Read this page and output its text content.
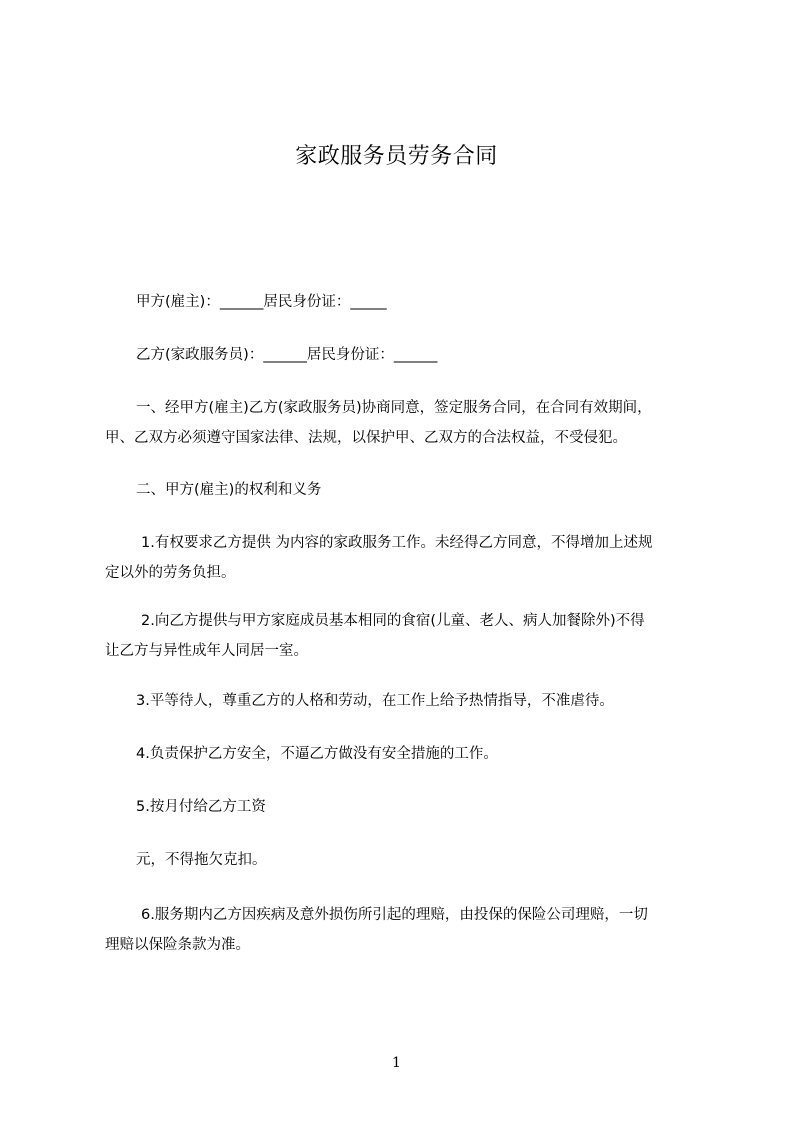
家政服务员劳务合同
甲方(雇主)：______居民身份证：_____
乙方(家政服务员)：______居民身份证：______
一、经甲方(雇主)乙方(家政服务员)协商同意，签定服务合同，在合同有效期间，
甲、乙双方必须遵守国家法律、法规，以保护甲、乙双方的合法权益，不受侵犯。
二、甲方(雇主)的权利和义务
1.有权要求乙方提供 为内容的家政服务工作。未经得乙方同意，不得增加上述规
定以外的劳务负担。
2.向乙方提供与甲方家庭成员基本相同的食宿(儿童、老人、病人加餐除外)不得
让乙方与异性成年人同居一室。
3.平等待人，尊重乙方的人格和劳动，在工作上给予热情指导，不准虐待。
4.负责保护乙方安全，不逼乙方做没有安全措施的工作。
5.按月付给乙方工资
元，不得拖欠克扣。
6.服务期内乙方因疾病及意外损伤所引起的理赔，由投保的保险公司理赔，一切
理赔以保险条款为准。
1
